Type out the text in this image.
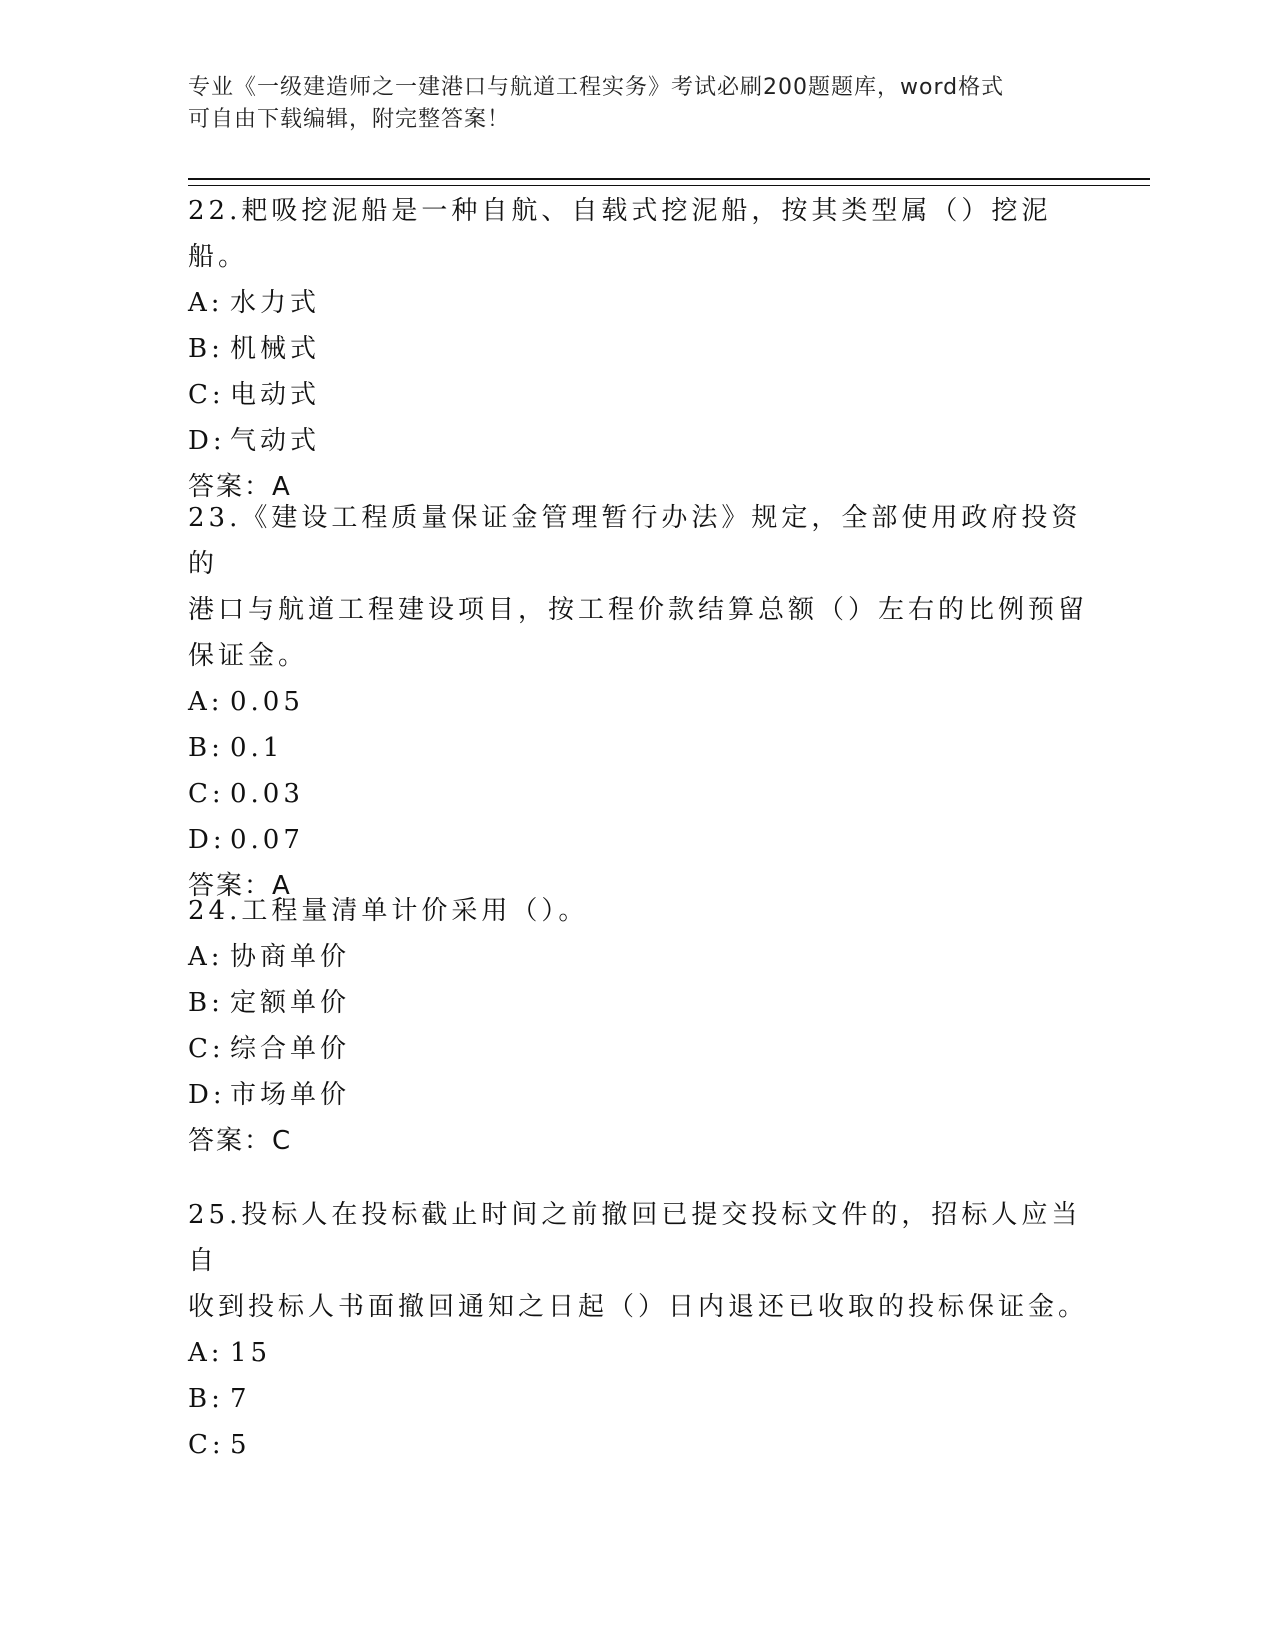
专业《一级建造师之一建港口与航道工程实务》考试必刷200题题库，word格式
可自由下载编辑，附完整答案！

22.耙吸挖泥船是一种自航、自载式挖泥船，按其类型属（）挖泥船。

A: 水力式
B: 机械式
C: 电动式
D: 气动式
答案：A

23.《建设工程质量保证金管理暂行办法》规定，全部使用政府投资的

港口与航道工程建设项目，按工程价款结算总额（）左右的比例预留

保证金。

A: 0.05
B: 0.1
C: 0.03
D: 0.07
答案：A

24.工程量清单计价采用（）。

A: 协商单价
B: 定额单价
C: 综合单价
D: 市场单价
答案：C

25.投标人在投标截止时间之前撤回已提交投标文件的，招标人应当自

收到投标人书面撤回通知之日起（）日内退还已收取的投标保证金。

A: 15
B: 7
C: 5
